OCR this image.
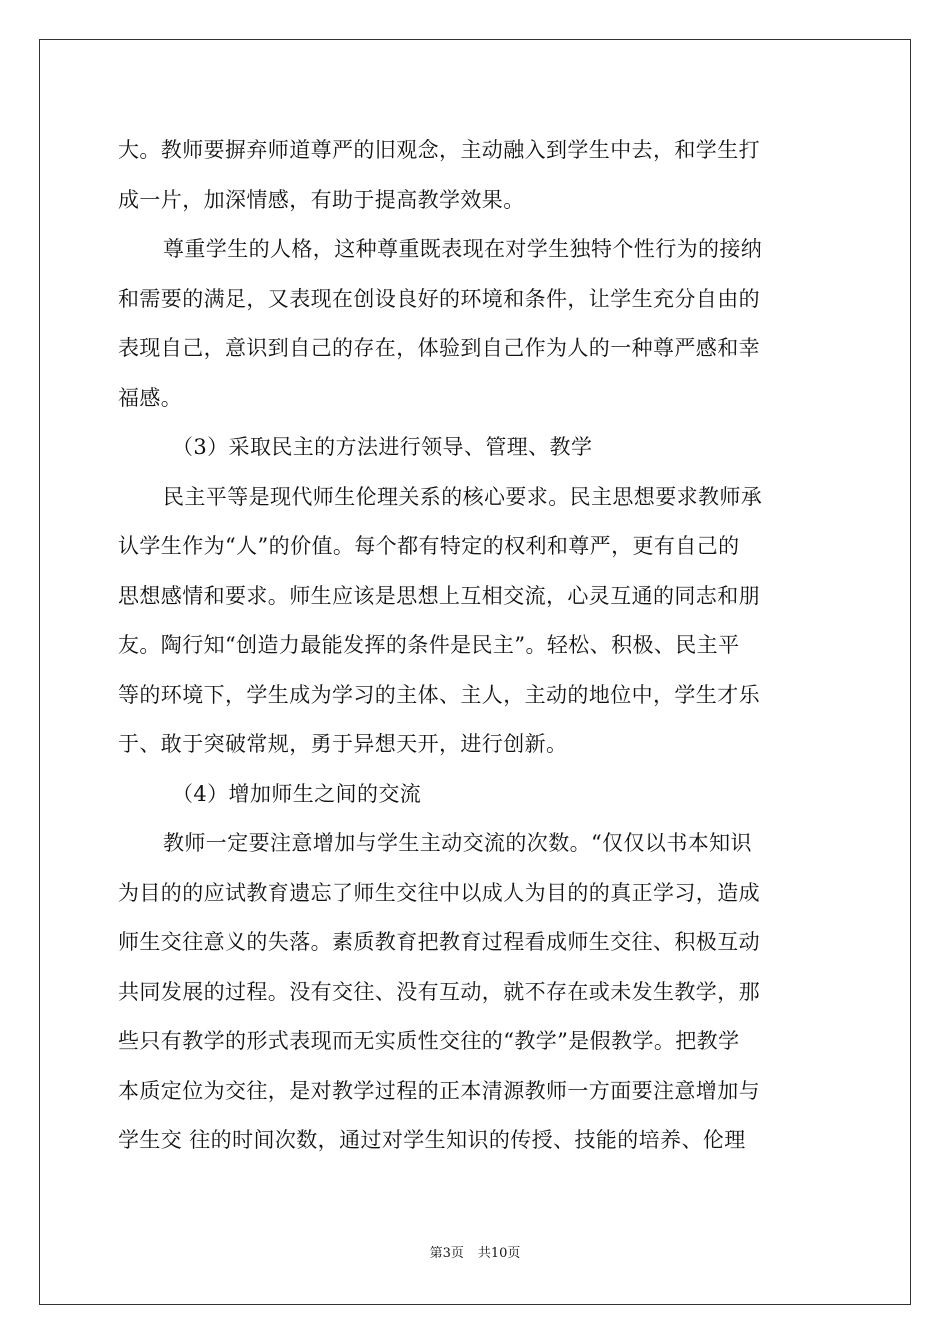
大。教师要摒弃师道尊严的旧观念，主动融入到学生中去，和学生打
成一片，加深情感，有助于提高教学效果。
尊重学生的人格，这种尊重既表现在对学生独特个性行为的接纳
和需要的满足，又表现在创设良好的环境和条件，让学生充分自由的
表现自己，意识到自己的存在，体验到自己作为人的一种尊严感和幸
福感。
（3）采取民主的方法进行领导、管理、教学
民主平等是现代师生伦理关系的核心要求。民主思想要求教师承
认学生作为“人”的价值。每个都有特定的权利和尊严，更有自己的
思想感情和要求。师生应该是思想上互相交流，心灵互通的同志和朋
友。陶行知“创造力最能发挥的条件是民主”。轻松、积极、民主平
等的环境下，学生成为学习的主体、主人，主动的地位中，学生才乐
于、敢于突破常规，勇于异想天开，进行创新。
（4）增加师生之间的交流
教师一定要注意增加与学生主动交流的次数。“仅仅以书本知识
为目的的应试教育遗忘了师生交往中以成人为目的的真正学习，造成
师生交往意义的失落。素质教育把教育过程看成师生交往、积极互动
共同发展的过程。没有交往、没有互动，就不存在或未发生教学，那
些只有教学的形式表现而无实质性交往的“教学”是假教学。把教学
本质定位为交往，是对教学过程的正本清源教师一方面要注意增加与
学生交 往的时间次数，通过对学生知识的传授、技能的培养、伦理
第3页 共10页
